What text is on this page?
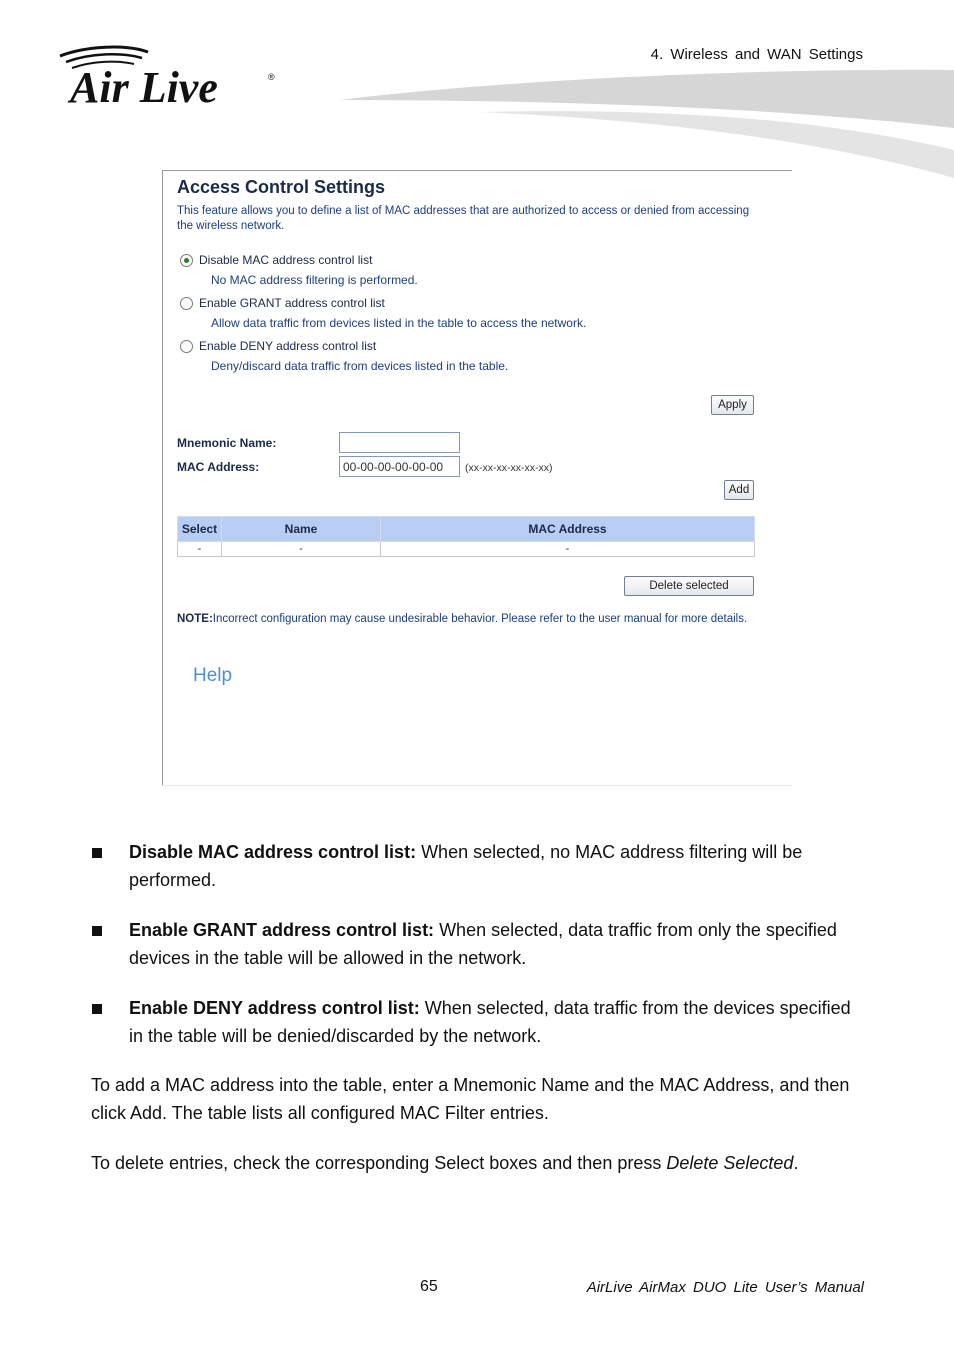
Air Live	®
4. Wireless and WAN Settings
Access Control Settings
This feature allows you to define a list of MAC addresses that are authorized to access or denied from accessing the wireless network.
Disable MAC address control list
No MAC address filtering is performed.
Enable GRANT address control list
Allow data traffic from devices listed in the table to access the network.
Enable DENY address control list
Deny/discard data traffic from devices listed in the table.
Apply
Mnemonic Name:
MAC Address:
00-00-00-00-00-00	(xx-xx-xx-xx-xx-xx)
Add
Select	Name	MAC Address
-	-	-
Delete selected
NOTE:Incorrect configuration may cause undesirable behavior. Please refer to the user manual for more details.
Help
Disable MAC address control list: When selected, no MAC address filtering will be performed.
Enable GRANT address control list: When selected, data traffic from only the specified devices in the table will be allowed in the network.
Enable DENY address control list: When selected, data traffic from the devices specified in the table will be denied/discarded by the network.
To add a MAC address into the table, enter a Mnemonic Name and the MAC Address, and then click Add. The table lists all configured MAC Filter entries.
To delete entries, check the corresponding Select boxes and then press Delete Selected.
65	AirLive AirMax DUO Lite User’s Manual
